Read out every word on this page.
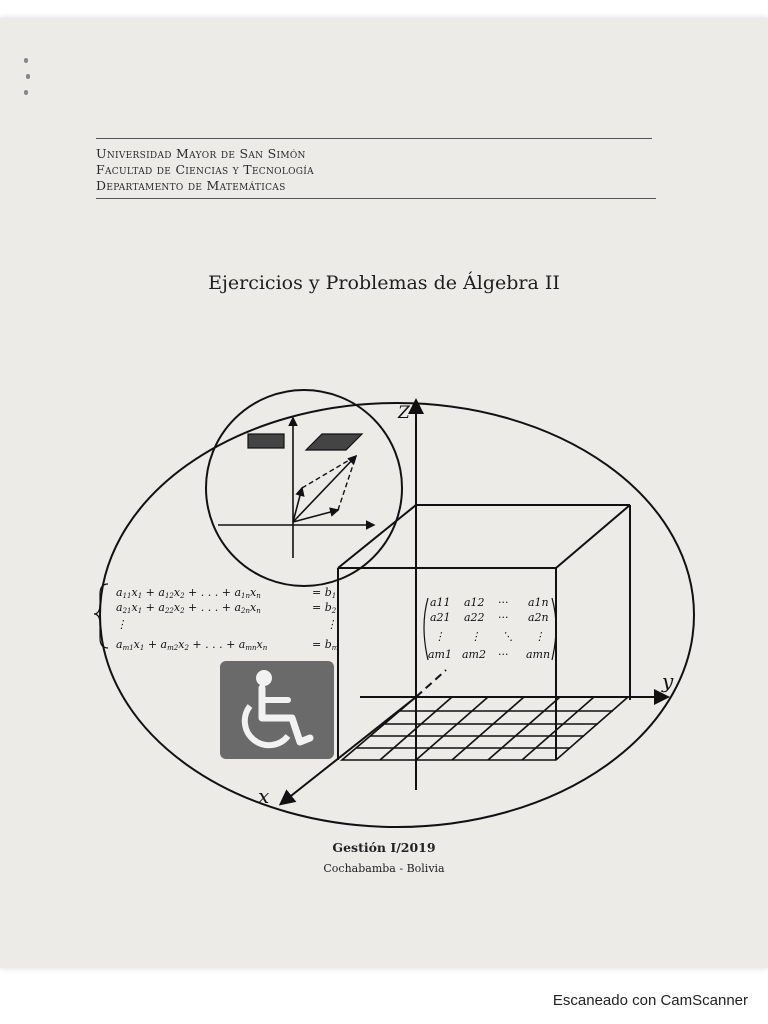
Universidad Mayor de San Simón
Facultad de Ciencias y Tecnología
Departamento de Matemáticas
Ejercicios y Problemas de Álgebra II
Z
y
x
a11x1 + a12x2 + . . . + a1nxn	= b1
a21x1 + a22x2 + . . . + a2nxn	= b2
⋮	⋮
am1x1 + am2x2 + . . . + amnxn	= bm
a11 a12 ··· a1n
a21 a22 ··· a2n
⋮ ⋮ ⋱ ⋮
am1 am2 ··· amn
Gestión I/2019
Cochabamba - Bolivia
Escaneado con CamScanner
